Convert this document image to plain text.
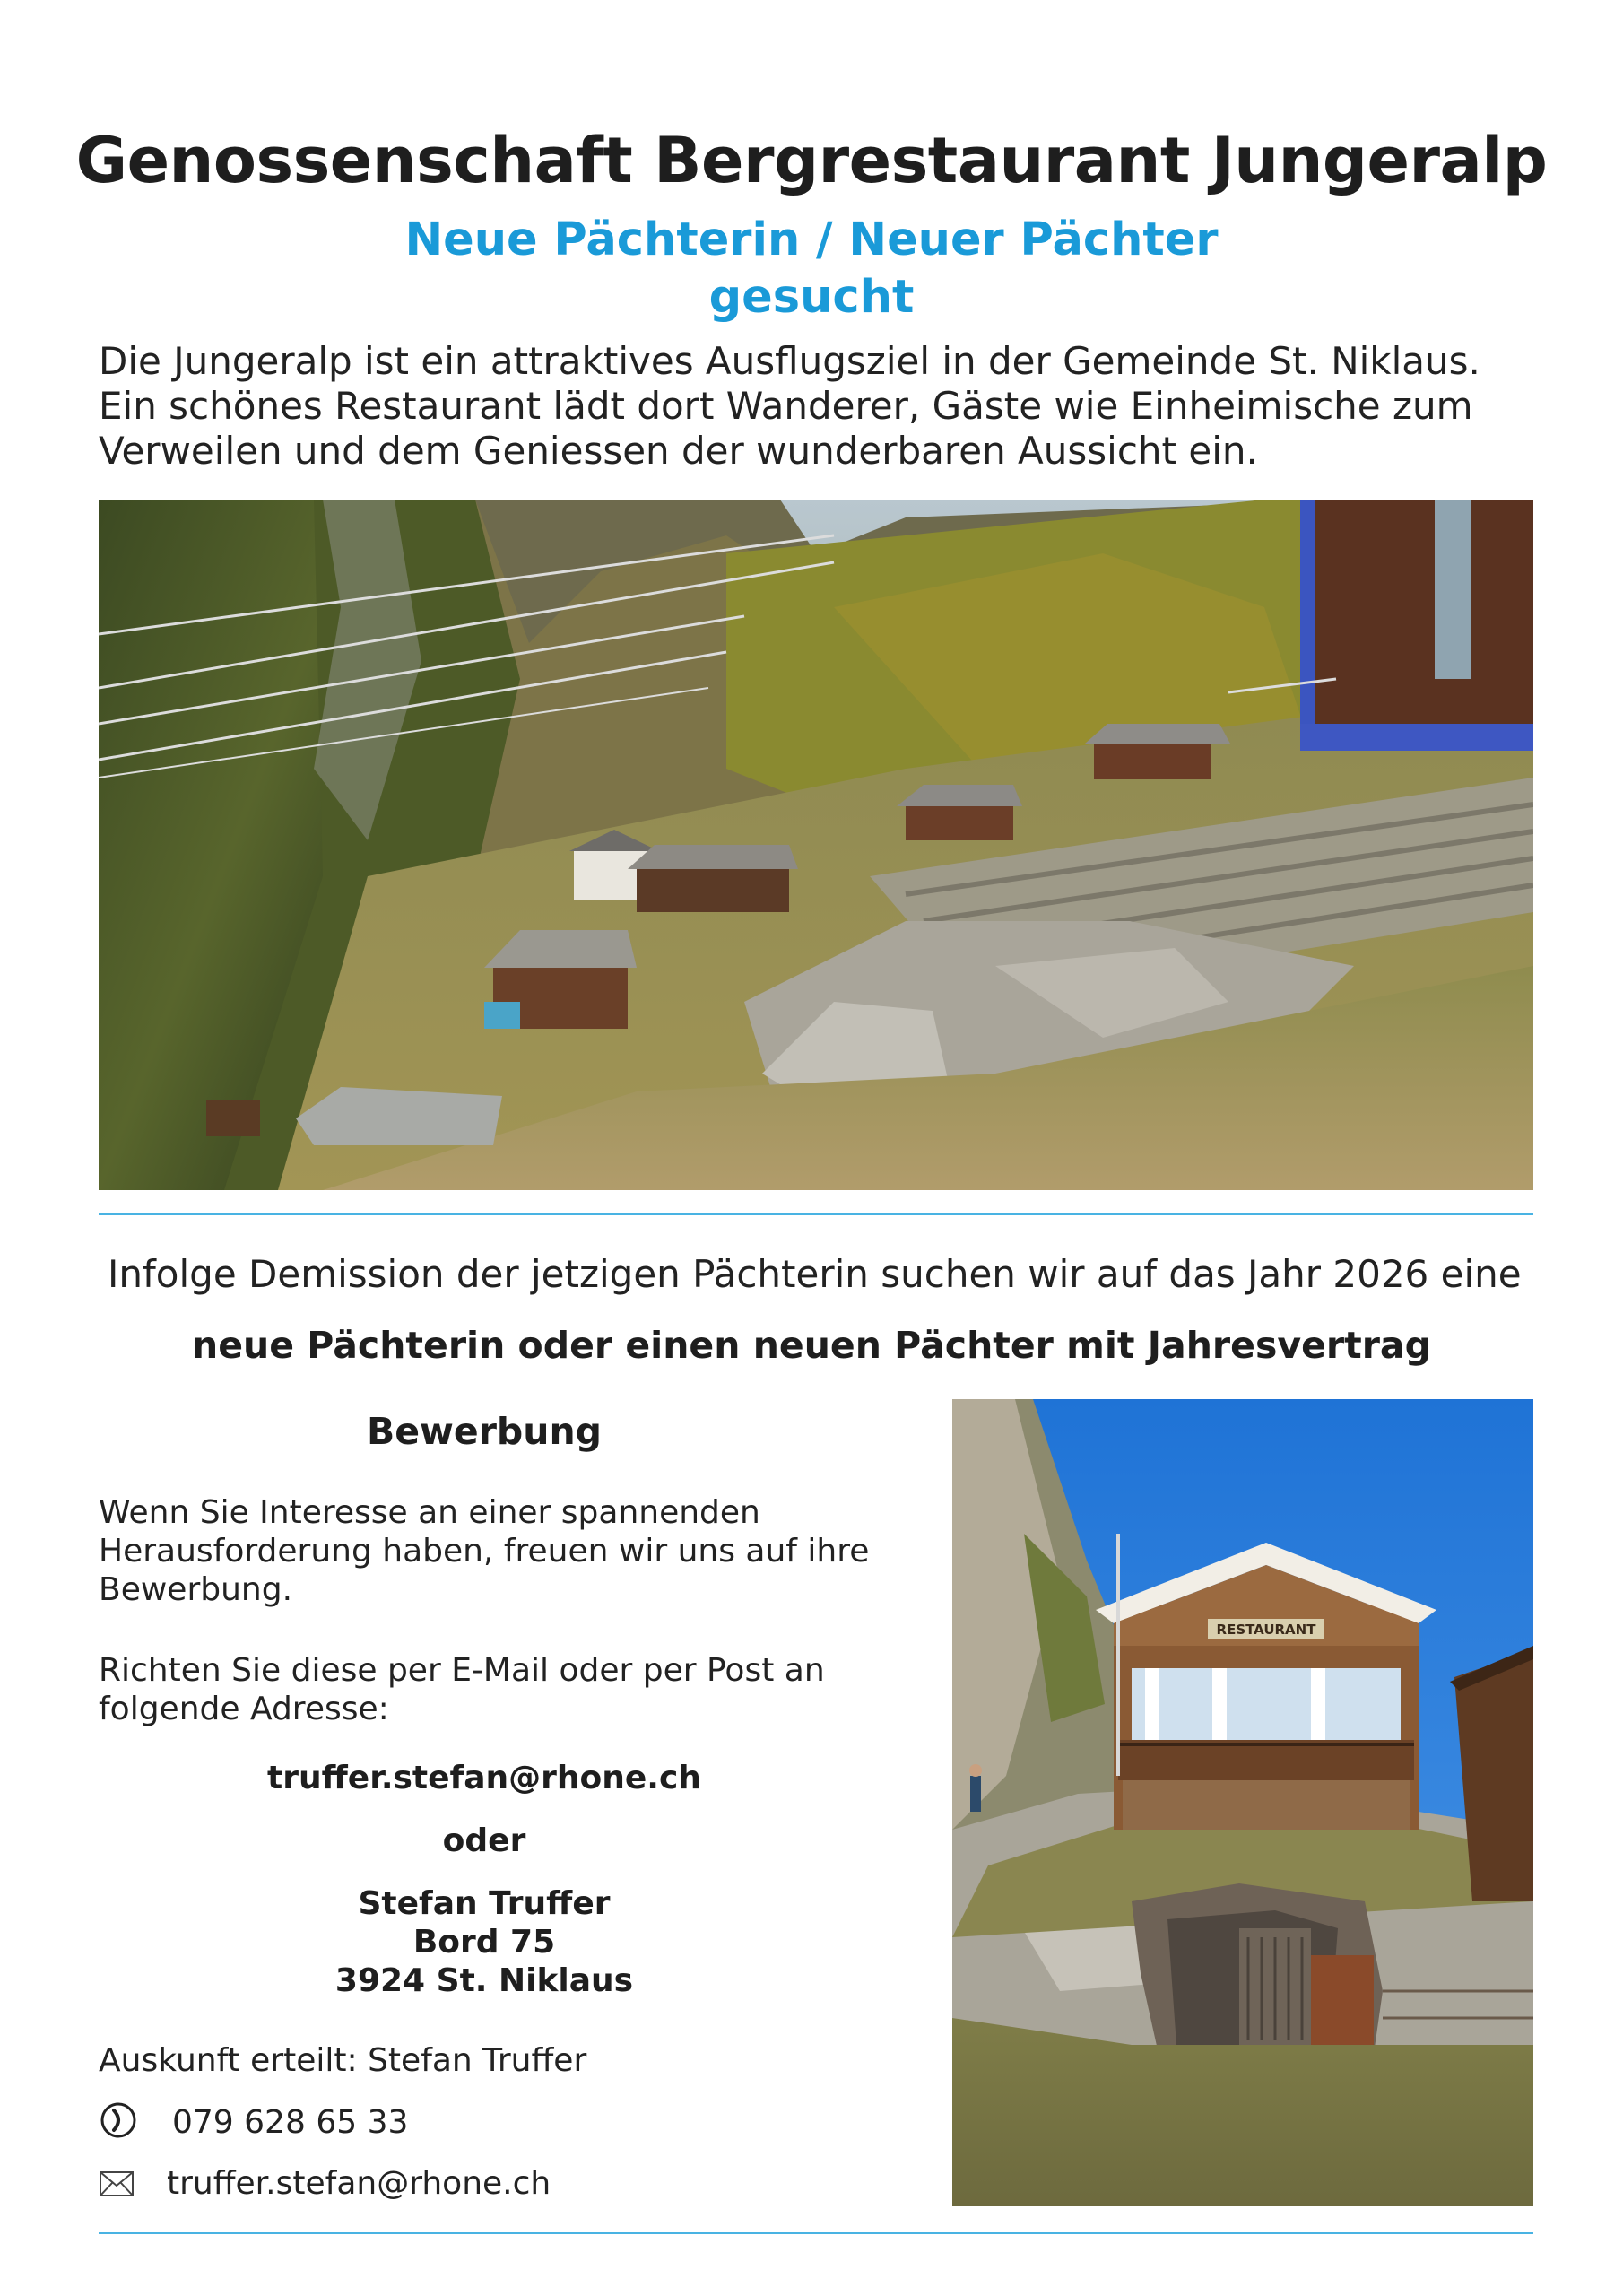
Genossenschaft Bergrestaurant Jungeralp
Neue Pächterin / Neuer Pächter
gesucht
Die Jungeralp ist ein attraktives Ausflugsziel in der Gemeinde St. Niklaus.
Ein schönes Restaurant lädt dort Wanderer, Gäste wie Einheimische zum
Verweilen und dem Geniessen der wunderbaren Aussicht ein.
Infolge Demission der jetzigen Pächterin suchen wir auf das Jahr 2026 eine
neue Pächterin oder einen neuen Pächter mit Jahresvertrag
Bewerbung
Wenn Sie Interesse an einer spannenden
Herausforderung haben, freuen wir uns auf ihre
Bewerbung.
Richten Sie diese per E-Mail oder per Post an
folgende Adresse:
truffer.stefan@rhone.ch
oder
Stefan Truffer
Bord 75
3924 St. Niklaus
Auskunft erteilt: Stefan Truffer
079 628 65 33
truffer.stefan@rhone.ch
RESTAURANT
